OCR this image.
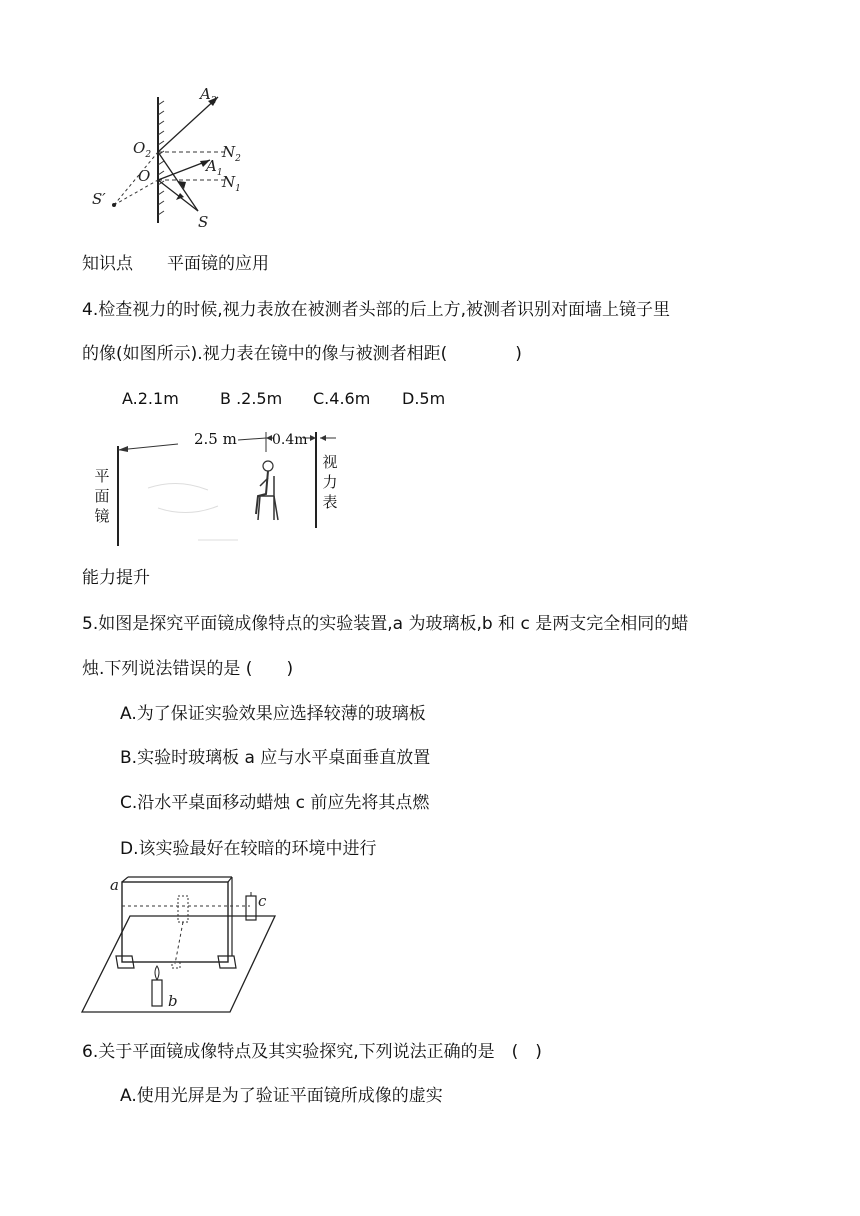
$A_2$
$O_2$	$N_2$
O
$A_1$ $N_1$
S′
S
知识点　　平面镜的应用
4.检查视力的时候,视力表放在被测者头部的后上方,被测者识别对面墙上镜子里
的像(如图所示).视力表在镜中的像与被测者相距(　　　　)
A.2.1m	B .2.5m C.4.6m D.5m
2.5 m	0.4m
平
面
镜
视
力
表
能力提升
5.如图是探究平面镜成像特点的实验装置,a 为玻璃板,b 和 c 是两支完全相同的蜡
烛.下列说法错误的是 (　　)
A.为了保证实验效果应选择较薄的玻璃板
B.实验时玻璃板 a 应与水平桌面垂直放置
C.沿水平桌面移动蜡烛 c 前应先将其点燃
D.该实验最好在较暗的环境中进行
a
c
b
6.关于平面镜成像特点及其实验探究,下列说法正确的是　(　)
A.使用光屏是为了验证平面镜所成像的虚实
